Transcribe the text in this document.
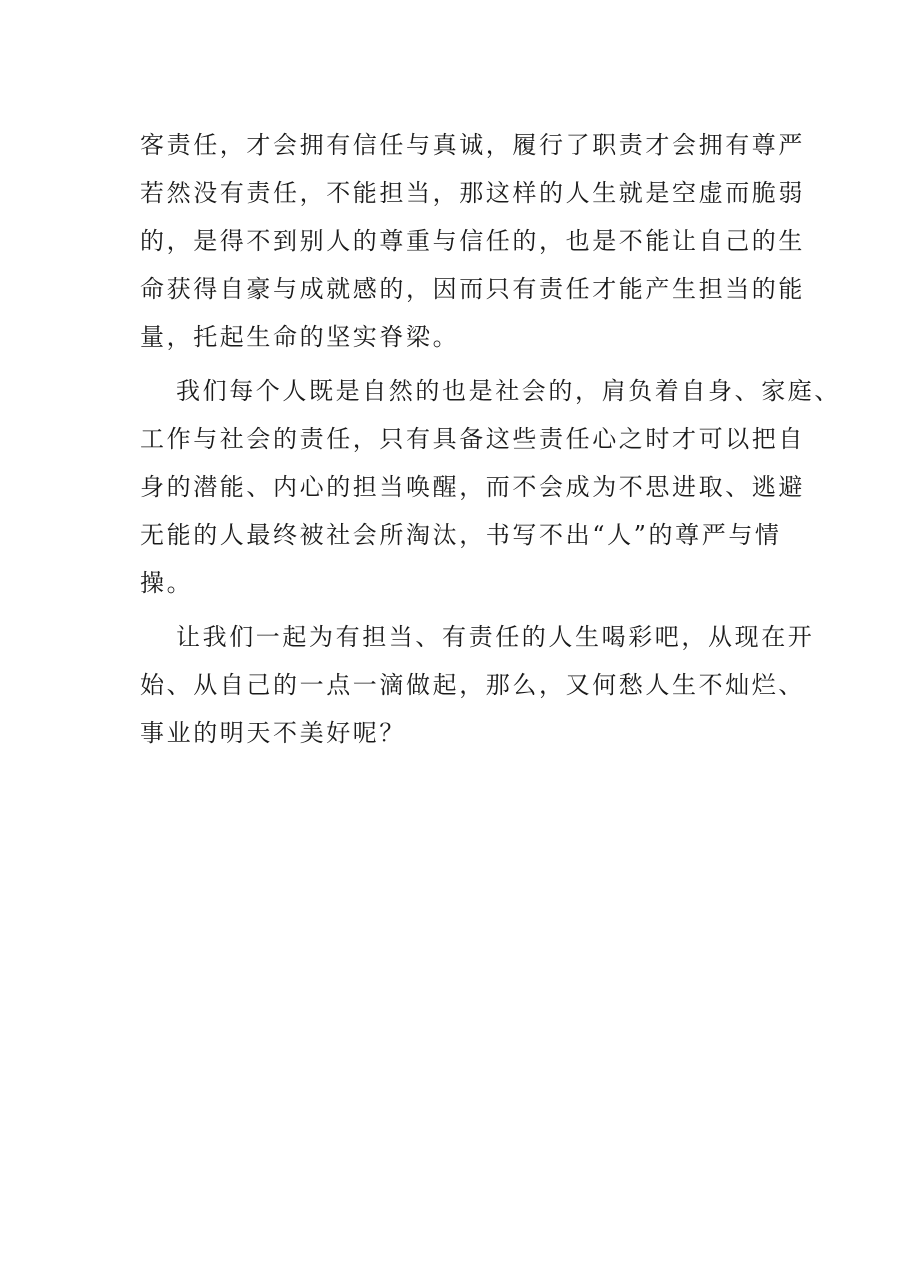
客责任，才会拥有信任与真诚，履行了职责才会拥有尊严
若然没有责任，不能担当，那这样的人生就是空虚而脆弱
的，是得不到别人的尊重与信任的，也是不能让自己的生
命获得自豪与成就感的，因而只有责任才能产生担当的能
量，托起生命的坚实脊梁。
我们每个人既是自然的也是社会的，肩负着自身、家庭、
工作与社会的责任，只有具备这些责任心之时才可以把自
身的潜能、内心的担当唤醒，而不会成为不思进取、逃避
无能的人最终被社会所淘汰，书写不出“人”的尊严与情
操。
让我们一起为有担当、有责任的人生喝彩吧，从现在开
始、从自己的一点一滴做起，那么，又何愁人生不灿烂、
事业的明天不美好呢？
